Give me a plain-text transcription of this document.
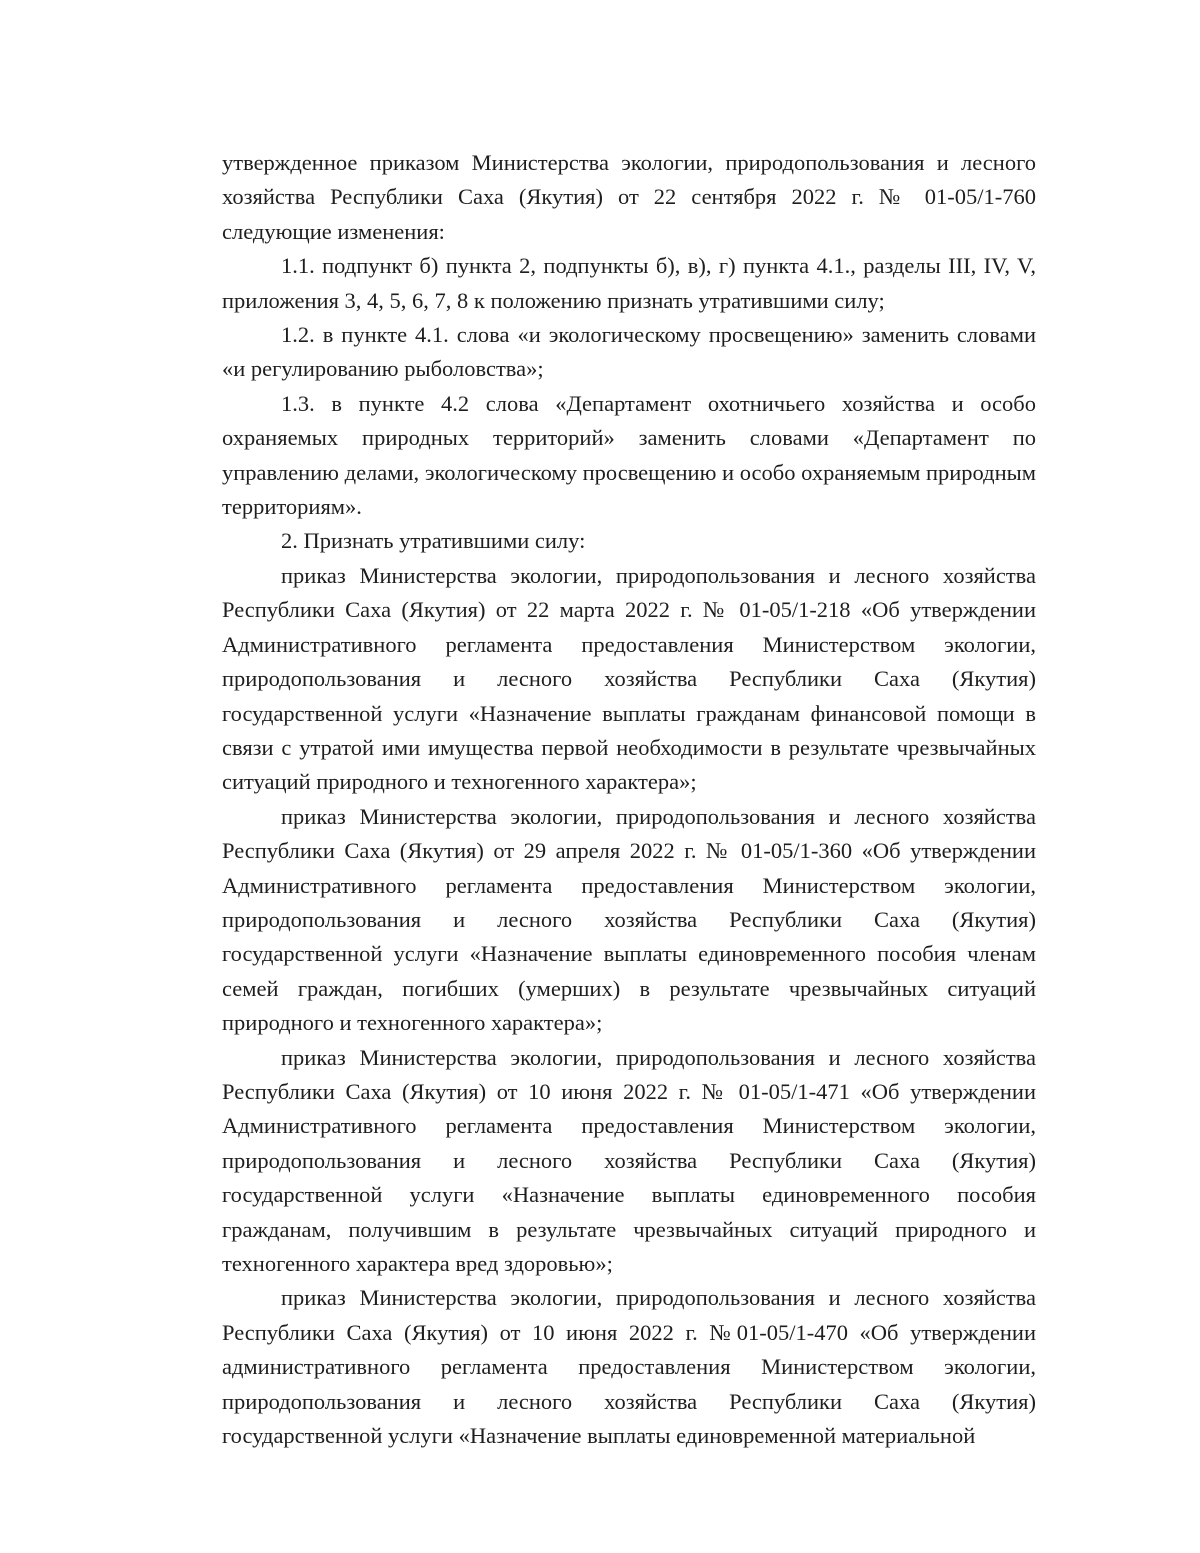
утвержденное приказом Министерства экологии, природопользования и лесного хозяйства Республики Саха (Якутия) от 22 сентября 2022 г. № 01-05/1-760 следующие изменения:

1.1. подпункт б) пункта 2, подпункты б), в), г) пункта 4.1., разделы III, IV, V, приложения 3, 4, 5, 6, 7, 8 к положению признать утратившими силу;

1.2. в пункте 4.1. слова «и экологическому просвещению» заменить словами «и регулированию рыболовства»;

1.3. в пункте 4.2 слова «Департамент охотничьего хозяйства и особо охраняемых природных территорий» заменить словами «Департамент по управлению делами, экологическому просвещению и особо охраняемым природным территориям».

2. Признать утратившими силу:

приказ Министерства экологии, природопользования и лесного хозяйства Республики Саха (Якутия) от 22 марта 2022 г. № 01-05/1-218 «Об утверждении Административного регламента предоставления Министерством экологии, природопользования и лесного хозяйства Республики Саха (Якутия) государственной услуги «Назначение выплаты гражданам финансовой помощи в связи с утратой ими имущества первой необходимости в результате чрезвычайных ситуаций природного и техногенного характера»;

приказ Министерства экологии, природопользования и лесного хозяйства Республики Саха (Якутия) от 29 апреля 2022 г. № 01-05/1-360 «Об утверждении Административного регламента предоставления Министерством экологии, природопользования и лесного хозяйства Республики Саха (Якутия) государственной услуги «Назначение выплаты единовременного пособия членам семей граждан, погибших (умерших) в результате чрезвычайных ситуаций природного и техногенного характера»;

приказ Министерства экологии, природопользования и лесного хозяйства Республики Саха (Якутия) от 10 июня 2022 г. № 01-05/1-471 «Об утверждении Административного регламента предоставления Министерством экологии, природопользования и лесного хозяйства Республики Саха (Якутия) государственной услуги «Назначение выплаты единовременного пособия гражданам, получившим в результате чрезвычайных ситуаций природного и техногенного характера вред здоровью»;

приказ Министерства экологии, природопользования и лесного хозяйства Республики Саха (Якутия) от 10 июня 2022 г. №01-05/1-470 «Об утверждении административного регламента предоставления Министерством экологии, природопользования и лесного хозяйства Республики Саха (Якутия) государственной услуги «Назначение выплаты единовременной материальной
